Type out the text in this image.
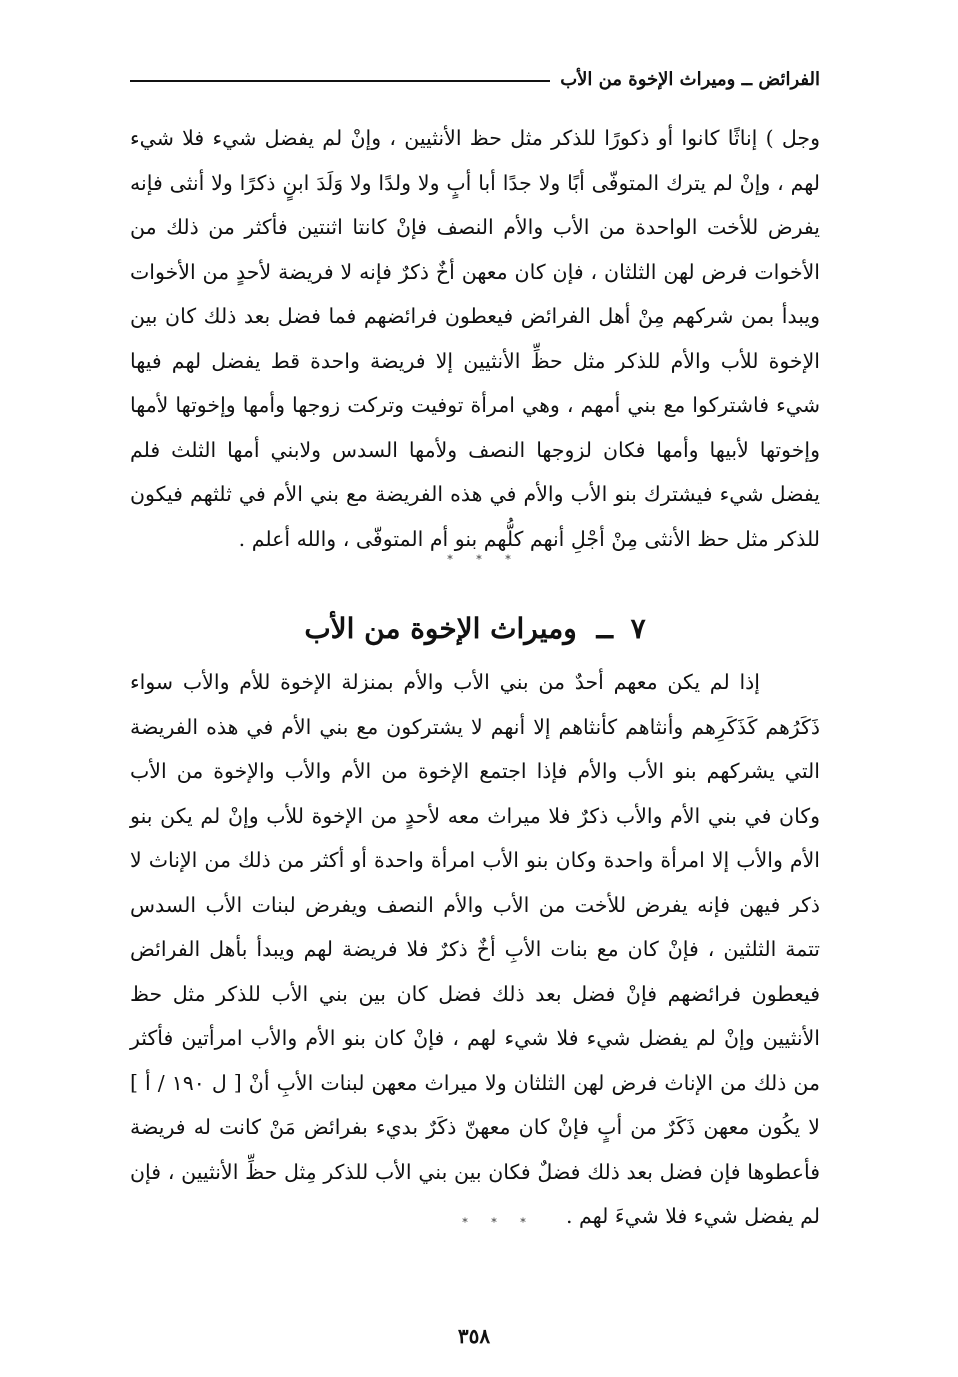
الفرائض ــ وميراث الإخوة من الأب

وجل ) إناثًا كانوا أو ذكورًا للذكر مثل حظ الأنثيين ، وإنْ لم يفضل شيء فلا شيء لهم ، وإنْ لم يترك المتوفّى أبًا ولا جدًا أبا أبٍ ولا ولدًا ولا وَلَدَ ابنٍ ذكرًا ولا أنثى فإنه يفرض للأخت الواحدة من الأب والأم النصف فإنْ كانتا اثنتين فأكثر من ذلك من الأخوات فرض لهن الثلثان ، فإن كان معهن أخٌ ذكرٌ فإنه لا فريضة لأحدٍ من الأخوات ويبدأ بمن شركهم مِنْ أهل الفرائض فيعطون فرائضهم فما فضل بعد ذلك كان بين الإخوة للأب والأم للذكر مثل حظِّ الأنثيين إلا فريضة واحدة قط يفضل لهم فيها شيء فاشتركوا مع بني أمهم ، وهي امرأة توفيت وتركت زوجها وأمها وإخوتها لأمها وإخوتها لأبيها وأمها فكان لزوجها النصف ولأمها السدس ولابني أمها الثلث فلم يفضل شيء فيشترك بنو الأب والأم في هذه الفريضة مع بني الأم في ثلثهم فيكون للذكر مثل حظ الأنثى مِنْ أجْلِ أنهم كلُّهم بنو أم المتوفّى ، والله أعلم .

* * *
٧ ــ وميراث الإخوة من الأب

إذا لم يكن معهم أحدٌ من بني الأب والأم بمنزلة الإخوة للأم والأب سواء ذَكَرُهم كَذَكَرِهم وأنثاهم كأنثاهم إلا أنهم لا يشتركون مع بني الأم في هذه الفريضة التي يشركهم بنو الأب والأم فإذا اجتمع الإخوة من الأم والأب والإخوة من الأب وكان في بني الأم والأب ذكرٌ فلا ميراث معه لأحدٍ من الإخوة للأب وإنْ لم يكن بنو الأم والأب إلا امرأة واحدة وكان بنو الأب امرأة واحدة أو أكثر من ذلك من الإناث لا ذكر فيهن فإنه يفرض للأخت من الأب والأم النصف ويفرض لبنات الأب السدس تتمة الثلثين ، فإنْ كان مع بنات الأبِ أخٌ ذكرٌ فلا فريضة لهم ويبدأ بأهل الفرائض فيعطون فرائضهم فإنْ فضل بعد ذلك فضل كان بين بني الأب للذكر مثل حظ الأنثيين وإنْ لم يفضل شيء فلا شيء لهم ، فإنْ كان بنو الأم والأب امرأتين فأكثر من ذلك من الإناث فرض لهن الثلثان ولا ميراث معهن لبنات الأبِ أنْ [ ل ١٩٠ / أ ] لا يكُون معهن ذَكَرٌ من أبٍ فإنْ كان معهنّ ذكَرٌ بديء بفرائض مَنْ كانت له فريضة فأعطوها فإن فضل بعد ذلك فضلٌ فكان بين بني الأب للذكر مِثل حظِّ الأنثيين ، فإن لم يفضل شيء فلا شيءَ لهم .

* * *
٣٥٨
